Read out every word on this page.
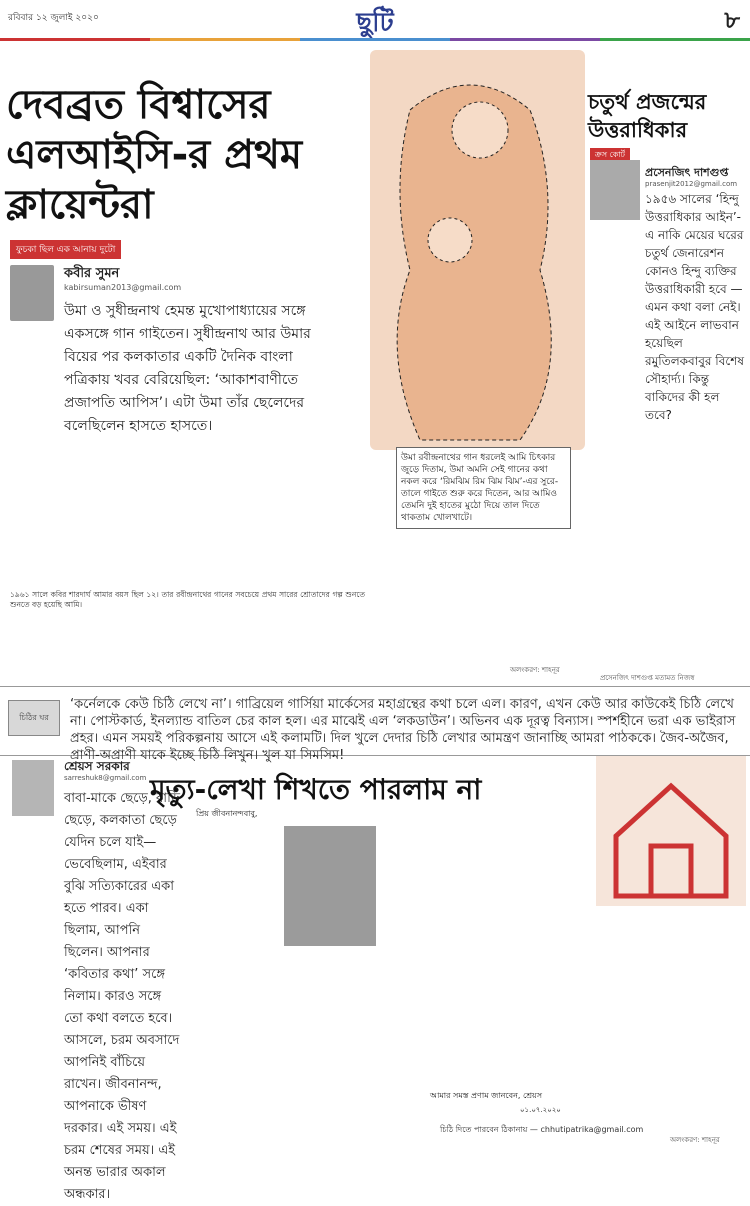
রবিবার ১২ জুলাই ২০২০	ছুটি	৮
দেবব্রত বিশ্বাসের এলআইসি-র প্রথম ক্লায়েন্টরা
ফুচকা ছিল এক আনায় দুটো
কবীর সুমন
kabirsuman2013@gmail.com
উমা ও সুধীন্দ্রনাথ হেমন্ত মুখোপাধ্যায়ের সঙ্গে একসঙ্গে গান গাইতেন। সুধীন্দ্রনাথ আর উমার বিয়ের পর কলকাতার একটি দৈনিক বাংলা পত্রিকায় খবর বেরিয়েছিল: ‘আকাশবাণীতে প্রজাপতি আপিস’। এটা উমা তাঁর ছেলেদের বলেছিলেন হাসতে হাসতে।
১৯৬১ সালে কবির শারদার্ঘ আমার বয়স ছিল ১২। তার রবীন্দ্রনাথের গানের সবচেয়ে প্রথম সারের শ্রোতাদের গল্প শুনতে শুনতে বড় হয়েছি আমি।
উমা রবীন্দ্রনাথের গান ধরলেই আমি চিৎকার জুড়ে দিতাম, উমা অমনি সেই গানের কথা নকল করে ‘রিমঝিম রিম ঝিম ঝিম’-এর সুরে-তালে গাইতে শুরু করে দিতেন, আর আমিও তেমনি দুই হাতের মুঠো দিয়ে তাল দিতে থাকতাম খোলখাটে।
অলংকরণ: শাহনূর
চতুর্থ প্রজন্মের উত্তরাধিকার
ক্রস কোর্ট
প্রসেনজিৎ দাশগুপ্ত
prasenjit2012@gmail.com
১৯৫৬ সালের ‘হিন্দু উত্তরাধিকার আইন’-এ নাকি মেয়ের ঘরের চতুর্থ জেনারেশন কোনও হিন্দু ব্যক্তির উত্তরাধিকারী হবে — এমন কথা বলা নেই। এই আইনে লাভবান হয়েছিল রমুতিলকবাবুর বিশেষ সৌহার্দ্য। কিন্তু বাকিদের কী হল তবে?
প্রসেনজিৎ দাশগুপ্ত মতামত নিজস্ব
চিঠির ঘর
‘কর্নেলকে কেউ চিঠি লেখে না’। গাব্রিয়েল গার্সিয়া মার্কেসের মহাগ্রন্থের কথা চলে এল। কারণ, এখন কেউ আর কাউকেই চিঠি লেখে না। পোস্টকার্ড, ইনল্যান্ড বাতিল চের কাল হল। এর মাঝেই এল ‘লকডাউন’। অভিনব এক দূরত্ব বিন্যাস। স্পর্শহীনে ভরা এক ভাইরাস প্রহর। এমন সময়ই পরিকল্পনায় আসে এই কলামটি। দিল খুলে দেদার চিঠি লেখার আমন্ত্রণ জানাচ্ছি আমরা পাঠককে। জৈব-অজৈব, প্রাণী-অপ্রাণী যাকে ইচ্ছে চিঠি লিখুন। খুল যা সিমসিম!
শ্রেয়স সরকার
sarreshuk8@gmail.com
বাবা-মাকে ছেড়ে, বাড়ি ছেড়ে, কলকাতা ছেড়ে যেদিন চলে যাই—ভেবেছিলাম, এইবার বুঝি সত্যিকারের একা হতে পারব। একা ছিলাম, আপনি ছিলেন। আপনার ‘কবিতার কথা’ সঙ্গে নিলাম। কারও সঙ্গে তো কথা বলতে হবে। আসলে, চরম অবসাদে আপনিই বাঁচিয়ে রাখেন। জীবনানন্দ, আপনাকে ভীষণ দরকার। এই সময়। এই চরম শেষের সময়। এই অনন্ত ভারার অকাল অন্ধকার।
মৃত্যু-লেখা শিখতে পারলাম না
প্রিয় জীবনানন্দবাবু,
আমার সমস্ত প্রণাম জানবেন, শ্রেয়স
০১.০৭.২০২০
চিঠি দিতে পারবেন ঠিকানায় — chhutipatrika@gmail.com
অলংকরণ: শাহনূর
